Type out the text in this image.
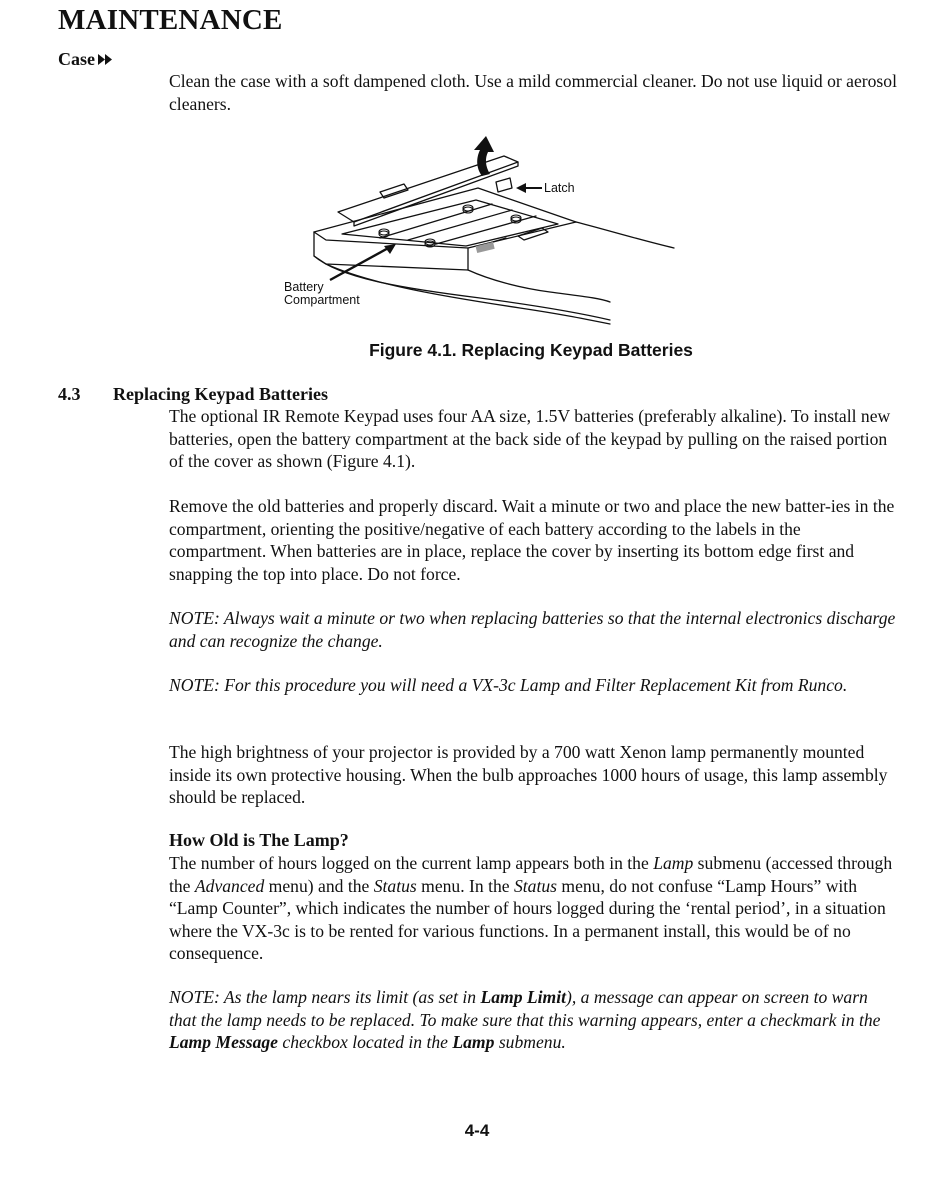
MAINTENANCE
Case

Clean the case with a soft dampened cloth. Use a mild commercial cleaner. Do not use liquid or aerosol cleaners.

Latch
Battery
Compartment
Figure 4.1. Replacing Keypad Batteries
4.3 Replacing Keypad Batteries

The optional IR Remote Keypad uses four AA size, 1.5V batteries (preferably alkaline). To install new batteries, open the battery compartment at the back side of the keypad by pulling on the raised portion of the cover as shown (Figure 4.1).

Remove the old batteries and properly discard. Wait a minute or two and place the new batter-ies in the compartment, orienting the positive/negative of each battery according to the labels in the compartment. When batteries are in place, replace the cover by inserting its bottom edge first and snapping the top into place. Do not force.

NOTE: Always wait a minute or two when replacing batteries so that the internal electronics discharge and can recognize the change.

NOTE: For this procedure you will need a VX-3c Lamp and Filter Replacement Kit from Runco.

The high brightness of your projector is provided by a 700 watt Xenon lamp permanently mounted inside its own protective housing. When the bulb approaches 1000 hours of usage, this lamp assembly should be replaced.

How Old is The Lamp?

The number of hours logged on the current lamp appears both in the Lamp submenu (accessed through the Advanced menu) and the Status menu. In the Status menu, do not confuse “Lamp Hours” with “Lamp Counter”, which indicates the number of hours logged during the ‘rental period’, in a situation where the VX-3c is to be rented for various functions. In a permanent install, this would be of no consequence.

NOTE: As the lamp nears its limit (as set in Lamp Limit), a message can appear on screen to warn that the lamp needs to be replaced. To make sure that this warning appears, enter a checkmark in the Lamp Message checkbox located in the Lamp submenu.

4-4
